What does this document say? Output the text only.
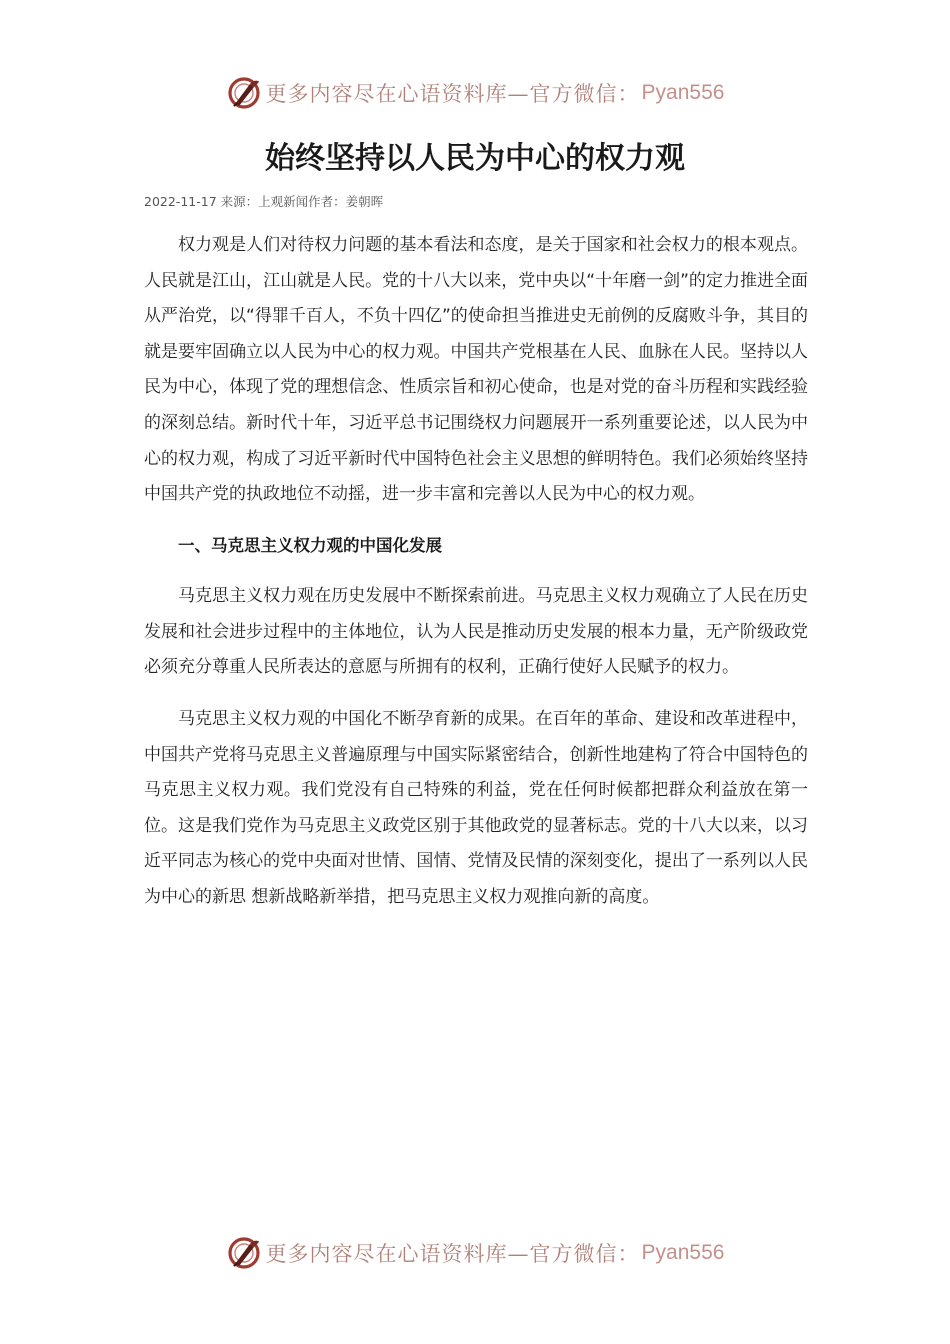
更多内容尽在心语资料库—官方微信： Pyan556
始终坚持以人民为中心的权力观
2022-11-17 来源：上观新闻作者：姜朝晖

权力观是人们对待权力问题的基本看法和态度，是关于国家和社会权力的根本观点。人民就是江山，江山就是人民。党的十八大以来，党中央以“十年磨一剑”的定力推进全面从严治党，以“得罪千百人，不负十四亿”的使命担当推进史无前例的反腐败斗争，其目的就是要牢固确立以人民为中心的权力观。中国共产党根基在人民、血脉在人民。坚持以人民为中心，体现了党的理想信念、性质宗旨和初心使命，也是对党的奋斗历程和实践经验的深刻总结。新时代十年，习近平总书记围绕权力问题展开一系列重要论述，以人民为中心的权力观，构成了习近平新时代中国特色社会主义思想的鲜明特色。我们必须始终坚持中国共产党的执政地位不动摇，进一步丰富和完善以人民为中心的权力观。

一、马克思主义权力观的中国化发展

马克思主义权力观在历史发展中不断探索前进。马克思主义权力观确立了人民在历史发展和社会进步过程中的主体地位，认为人民是推动历史发展的根本力量，无产阶级政党必须充分尊重人民所表达的意愿与所拥有的权利，正确行使好人民赋予的权力。

马克思主义权力观的中国化不断孕育新的成果。在百年的革命、建设和改革进程中，中国共产党将马克思主义普遍原理与中国实际紧密结合，创新性地建构了符合中国特色的马克思主义权力观。我们党没有自己特殊的利益，党在任何时候都把群众利益放在第一位。这是我们党作为马克思主义政党区别于其他政党的显著标志。党的十八大以来，以习近平同志为核心的党中央面对世情、国情、党情及民情的深刻变化，提出了一系列以人民为中心的新思 想新战略新举措，把马克思主义权力观推向新的高度。

更多内容尽在心语资料库—官方微信： Pyan556
